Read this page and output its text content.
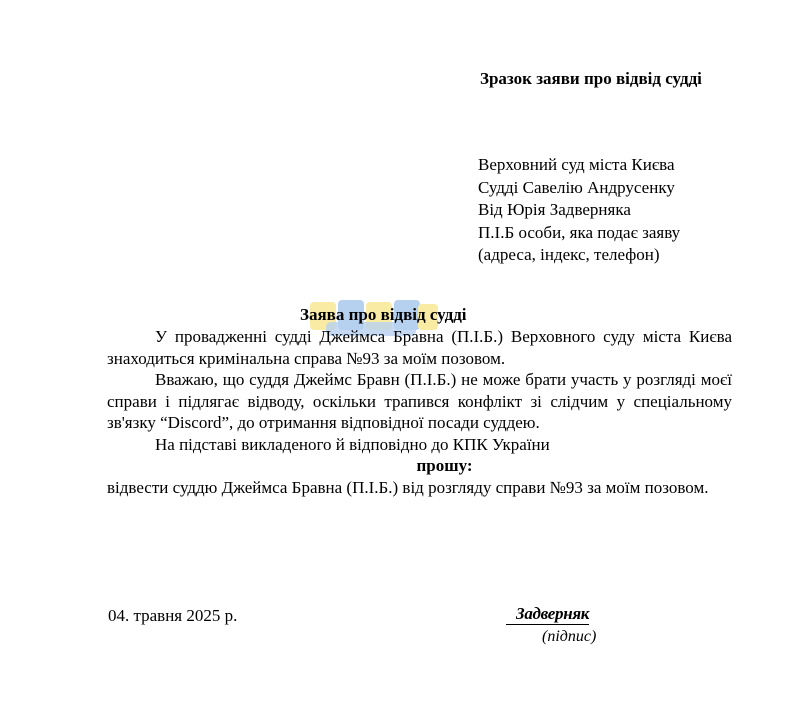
Зразок заяви про відвід судді
Верховний суд міста Києва
Судді Савелію Андрусенку
Від Юрія Задверняка
П.І.Б особи, яка подає заяву
(адреса, індекс, телефон)
Заява про відвід судді

У провадженні судді Джеймса Бравна (П.І.Б.) Верховного суду міста Києва знаходиться кримінальна справа №93 за моїм позовом.

Вважаю, що суддя Джеймс Бравн (П.І.Б.) не може брати участь у розгляді моєї справи і підлягає відводу, оскільки трапився конфлікт зі слідчим у спеціальному зв'язку “Discord”, до отримання відповідної посади суддею.

На підставі викладеного й відповідно до КПК України

прошу:

відвести суддю Джеймса Бравна (П.І.Б.) від розгляду справи №93 за моїм позовом.

04. травня 2025 р.	Задверняк
(підпис)
